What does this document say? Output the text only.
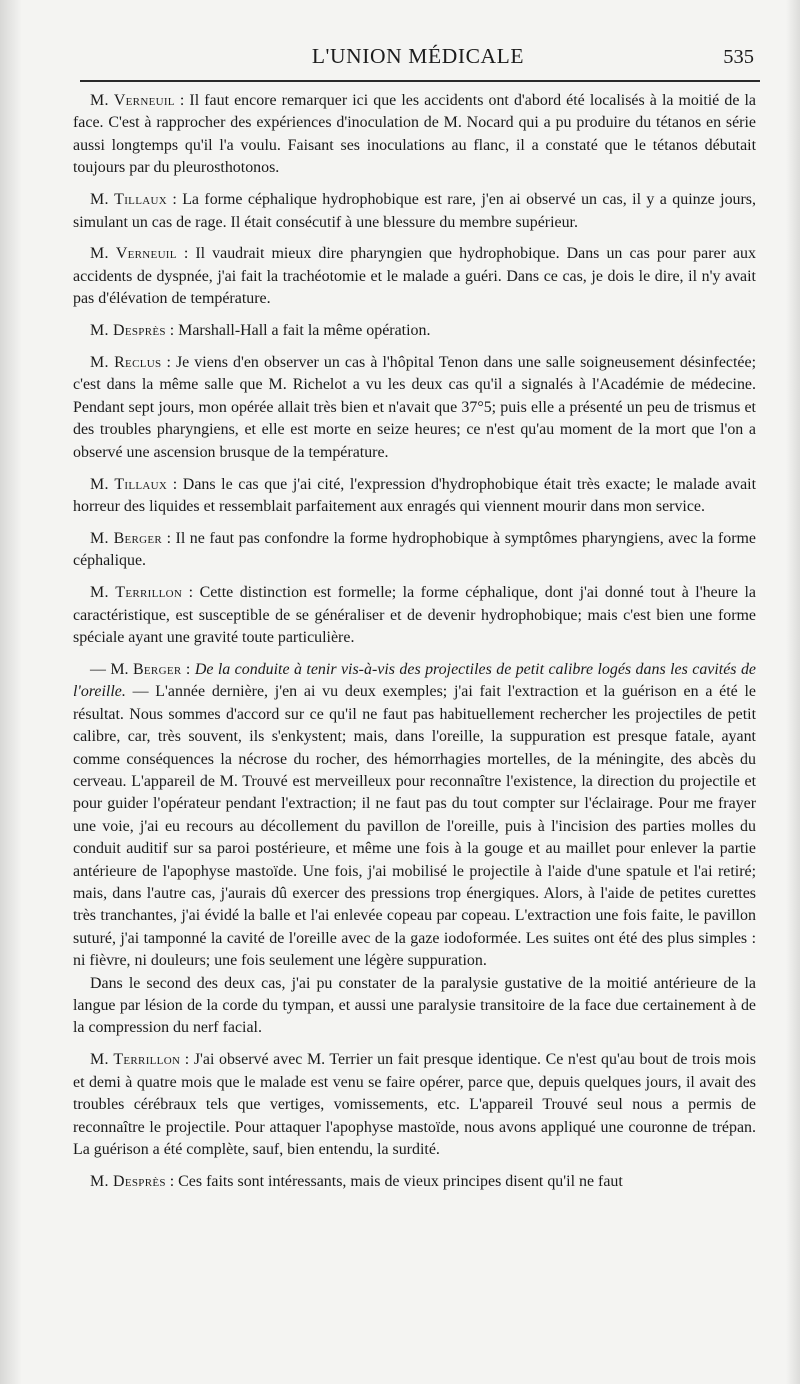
L'UNION MÉDICALE	535

M. Verneuil : Il faut encore remarquer ici que les accidents ont d'abord été localisés à la moitié de la face. C'est à rapprocher des expériences d'inoculation de M. Nocard qui a pu produire du tétanos en série aussi longtemps qu'il l'a voulu. Faisant ses inoculations au flanc, il a constaté que le tétanos débutait toujours par du pleurosthotonos.

M. Tillaux : La forme céphalique hydrophobique est rare, j'en ai observé un cas, il y a quinze jours, simulant un cas de rage. Il était consécutif à une blessure du membre supérieur.

M. Verneuil : Il vaudrait mieux dire pharyngien que hydrophobique. Dans un cas pour parer aux accidents de dyspnée, j'ai fait la trachéotomie et le malade a guéri. Dans ce cas, je dois le dire, il n'y avait pas d'élévation de température.

M. Desprès : Marshall-Hall a fait la même opération.

M. Reclus : Je viens d'en observer un cas à l'hôpital Tenon dans une salle soigneusement désinfectée; c'est dans la même salle que M. Richelot a vu les deux cas qu'il a signalés à l'Académie de médecine. Pendant sept jours, mon opérée allait très bien et n'avait que 37°5; puis elle a présenté un peu de trismus et des troubles pharyngiens, et elle est morte en seize heures; ce n'est qu'au moment de la mort que l'on a observé une ascension brusque de la température.

M. Tillaux : Dans le cas que j'ai cité, l'expression d'hydrophobique était très exacte; le malade avait horreur des liquides et ressemblait parfaitement aux enragés qui viennent mourir dans mon service.

M. Berger : Il ne faut pas confondre la forme hydrophobique à symptômes pharyngiens, avec la forme céphalique.

M. Terrillon : Cette distinction est formelle; la forme céphalique, dont j'ai donné tout à l'heure la caractéristique, est susceptible de se généraliser et de devenir hydrophobique; mais c'est bien une forme spéciale ayant une gravité toute particulière.

— M. Berger : De la conduite à tenir vis-à-vis des projectiles de petit calibre logés dans les cavités de l'oreille. — L'année dernière, j'en ai vu deux exemples; j'ai fait l'extraction et la guérison en a été le résultat. Nous sommes d'accord sur ce qu'il ne faut pas habituellement rechercher les projectiles de petit calibre, car, très souvent, ils s'enkystent; mais, dans l'oreille, la suppuration est presque fatale, ayant comme conséquences la nécrose du rocher, des hémorrhagies mortelles, de la méningite, des abcès du cerveau. L'appareil de M. Trouvé est merveilleux pour reconnaître l'existence, la direction du projectile et pour guider l'opérateur pendant l'extraction; il ne faut pas du tout compter sur l'éclairage. Pour me frayer une voie, j'ai eu recours au décollement du pavillon de l'oreille, puis à l'incision des parties molles du conduit auditif sur sa paroi postérieure, et même une fois à la gouge et au maillet pour enlever la partie antérieure de l'apophyse mastoïde. Une fois, j'ai mobilisé le projectile à l'aide d'une spatule et l'ai retiré; mais, dans l'autre cas, j'aurais dû exercer des pressions trop énergiques. Alors, à l'aide de petites curettes très tranchantes, j'ai évidé la balle et l'ai enlevée copeau par copeau. L'extraction une fois faite, le pavillon suturé, j'ai tamponné la cavité de l'oreille avec de la gaze iodoformée. Les suites ont été des plus simples : ni fièvre, ni douleurs; une fois seulement une légère suppuration.

Dans le second des deux cas, j'ai pu constater de la paralysie gustative de la moitié antérieure de la langue par lésion de la corde du tympan, et aussi une paralysie transitoire de la face due certainement à de la compression du nerf facial.

M. Terrillon : J'ai observé avec M. Terrier un fait presque identique. Ce n'est qu'au bout de trois mois et demi à quatre mois que le malade est venu se faire opérer, parce que, depuis quelques jours, il avait des troubles cérébraux tels que vertiges, vomissements, etc. L'appareil Trouvé seul nous a permis de reconnaître le projectile. Pour attaquer l'apophyse mastoïde, nous avons appliqué une couronne de trépan. La guérison a été complète, sauf, bien entendu, la surdité.

M. Desprès : Ces faits sont intéressants, mais de vieux principes disent qu'il ne faut
